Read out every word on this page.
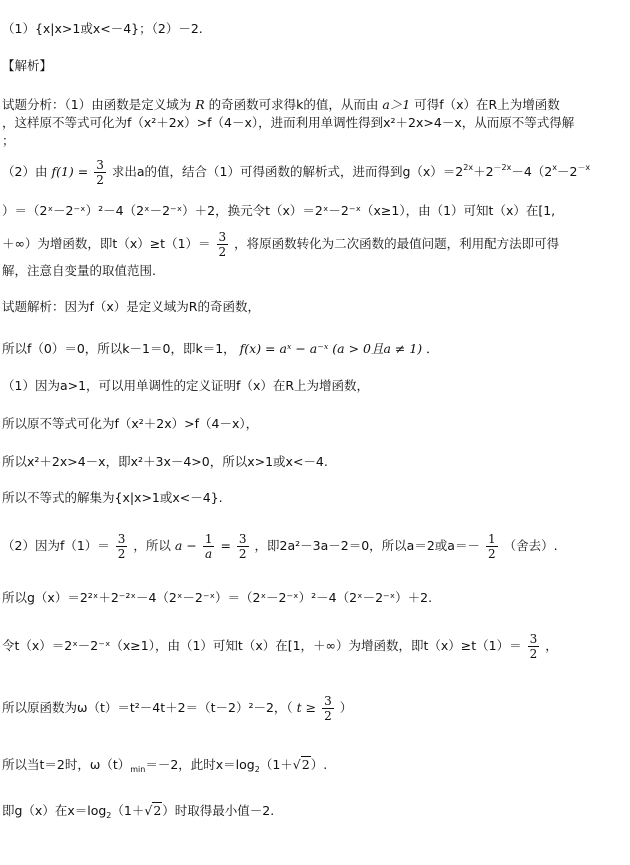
（1）{x|x>1或x<－4}；（2）－2.
【解析】
试题分析：（1）由函数是定义域为 R 的奇函数可求得k的值，从而由 a＞1 可得f（x）在R上为增函数
，这样原不等式可化为f（x²＋2x）>f（4－x），进而利用单调性得到x²＋2x>4－x，从而原不等式得解
；
（2）由 $f(1) = \frac{3}{2}$ 求出a的值，结合（1）可得函数的解析式，进而得到$g(x)=2^{2x}+2^{-2x}-4(2^x-2^{-x}$
）＝（2ˣ－2⁻ˣ）²－4（2ˣ－2⁻ˣ）＋2，换元令t（x）＝2ˣ－2⁻ˣ（x≥1），由（1）可知t（x）在[1,
＋∞）为增函数，即$t(x)\ge t(1)= \frac{3}{2}$ ，将原函数转化为二次函数的最值问题，利用配方法即可得
解，注意自变量的取值范围.
试题解析：因为f（x）是定义域为R的奇函数，
所以f（0）＝0，所以k－1＝0，即k＝1， f(x) = aˣ − a⁻ˣ (a > 0且a ≠ 1) ．
（1）因为a>1，可以用单调性的定义证明f（x）在R上为增函数，
所以原不等式可化为f（x²＋2x）>f（4－x），
所以x²＋2x>4－x，即x²＋3x－4>0，所以x>1或x<－4.
所以不等式的解集为{x|x>1或x<－4}.
（2）因为$f(1)= \frac{3}{2}$ ，所以 $a - \frac{1}{a} = \frac{3}{2}$ ，即2a²－3a－2＝0，所以a＝2或$a=- \frac{1}{2}$ （舍去）.
所以g（x）＝2²ˣ＋2⁻²ˣ－4（2ˣ－2⁻ˣ）＝（2ˣ－2⁻ˣ）²－4（2ˣ－2⁻ˣ）＋2.
令t（x）＝2ˣ－2⁻ˣ（x≥1），由（1）可知t（x）在[1，＋∞）为增函数，即$t(x)\ge t(1)= \frac{3}{2}$ ，
所以原函数为ω（t）＝t²－4t＋2＝（t－2）²－2，（ $t \ge \frac{3}{2}$ ）
所以当t＝2时，$\omega(t)_{min}=-2$，此时$x=\log_2(1+√2)$.
即g（x）在$x=\log_2(1+√2)$时取得最小值－2.
